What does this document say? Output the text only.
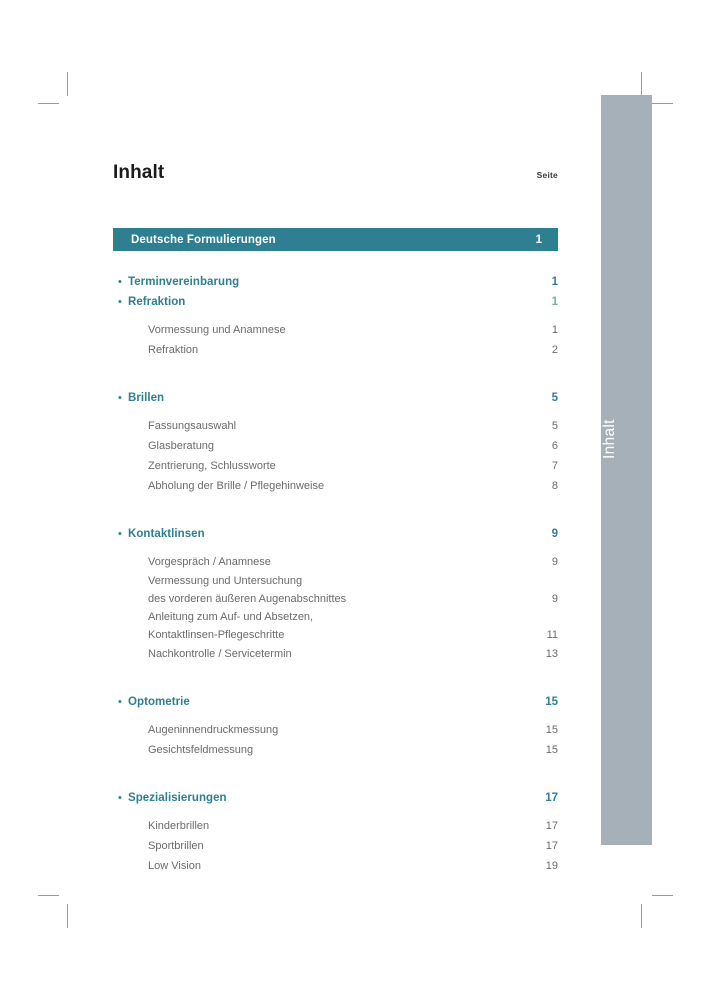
Inhalt
Inhalt	Seite
Deutsche Formulierungen	1
• Terminvereinbarung	1
• Refraktion	1
Vormessung und Anamnese	1
Refraktion	2
• Brillen	5
Fassungsauswahl	5
Glasberatung	6
Zentrierung, Schlussworte	7
Abholung der Brille / Pflegehinweise	8
• Kontaktlinsen	9
Vorgespräch / Anamnese	9
Vermessung und Untersuchung
des vorderen äußeren Augenabschnittes	9
Anleitung zum Auf- und Absetzen,
Kontaktlinsen-Pflegeschritte	11
Nachkontrolle / Servicetermin	13
• Optometrie	15
Augeninnendruckmessung	15
Gesichtsfeldmessung	15
• Spezialisierungen	17
Kinderbrillen	17
Sportbrillen	17
Low Vision	19
